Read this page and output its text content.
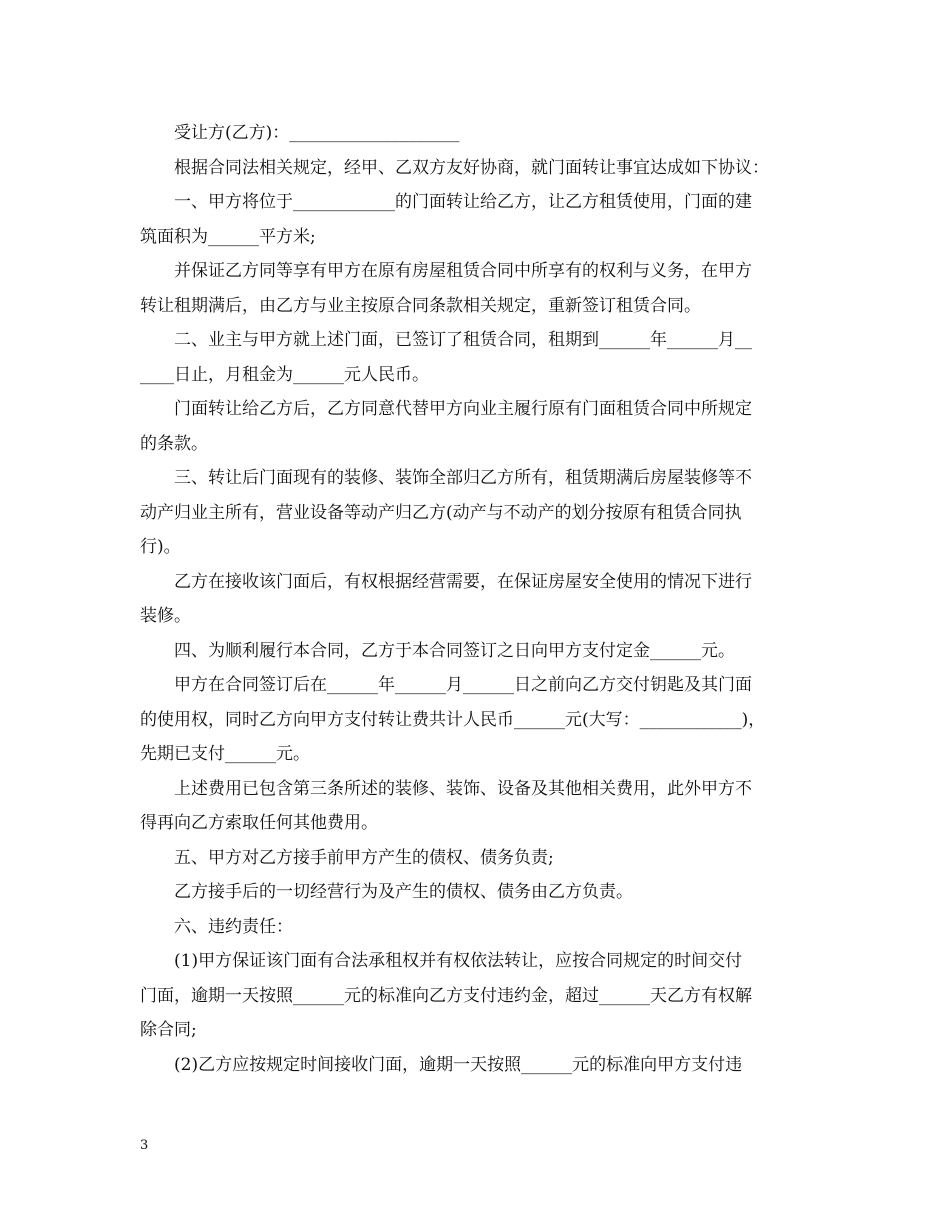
受让方(乙方)：____________________
根据合同法相关规定，经甲、乙双方友好协商，就门面转让事宜达成如下协议：
一、甲方将位于____________的门面转让给乙方，让乙方租赁使用，门面的建
筑面积为______平方米;
并保证乙方同等享有甲方在原有房屋租赁合同中所享有的权利与义务，在甲方
转让租期满后，由乙方与业主按原合同条款相关规定，重新签订租赁合同。
二、业主与甲方就上述门面，已签订了租赁合同，租期到______年______月__
____日止，月租金为______元人民币。
门面转让给乙方后，乙方同意代替甲方向业主履行原有门面租赁合同中所规定
的条款。
三、转让后门面现有的装修、装饰全部归乙方所有，租赁期满后房屋装修等不
动产归业主所有，营业设备等动产归乙方(动产与不动产的划分按原有租赁合同执
行)。
乙方在接收该门面后，有权根据经营需要，在保证房屋安全使用的情况下进行
装修。
四、为顺利履行本合同，乙方于本合同签订之日向甲方支付定金______元。
甲方在合同签订后在______年______月______日之前向乙方交付钥匙及其门面
的使用权，同时乙方向甲方支付转让费共计人民币______元(大写：____________)，
先期已支付______元。
上述费用已包含第三条所述的装修、装饰、设备及其他相关费用，此外甲方不
得再向乙方索取任何其他费用。
五、甲方对乙方接手前甲方产生的债权、债务负责;
乙方接手后的一切经营行为及产生的债权、债务由乙方负责。
六、违约责任：
(1)甲方保证该门面有合法承租权并有权依法转让，应按合同规定的时间交付
门面，逾期一天按照______元的标准向乙方支付违约金，超过______天乙方有权解
除合同;
(2)乙方应按规定时间接收门面，逾期一天按照______元的标准向甲方支付违
3
